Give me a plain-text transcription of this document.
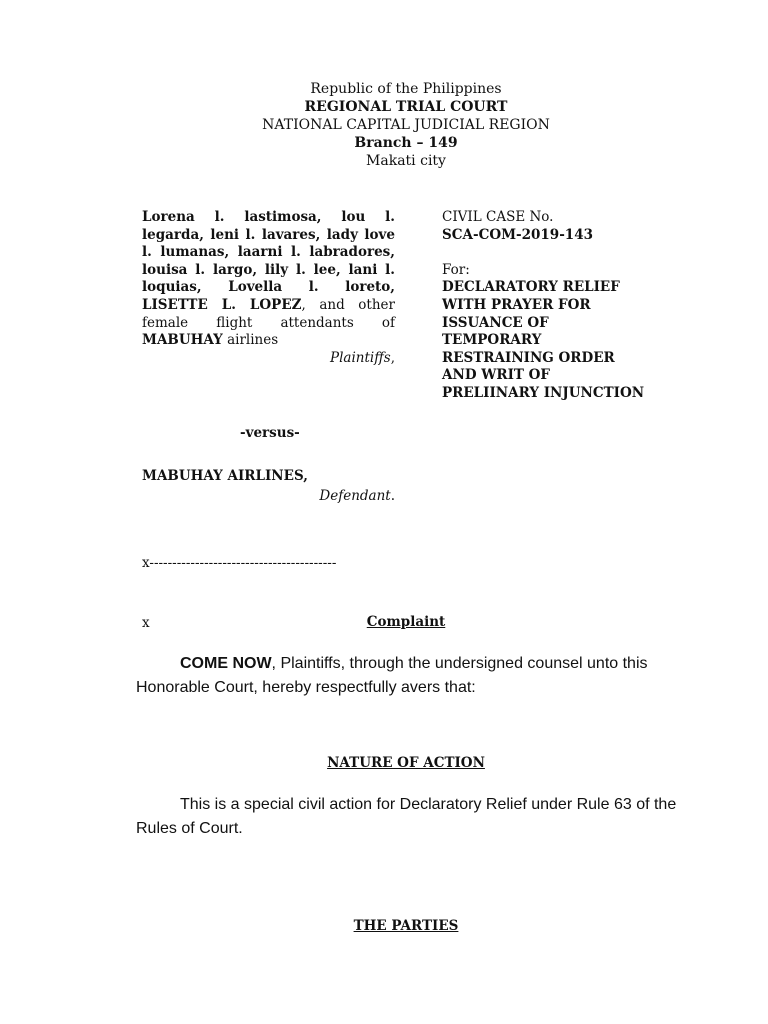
Republic of the Philippines
REGIONAL TRIAL COURT
NATIONAL CAPITAL JUDICIAL REGION
Branch – 149
Makati city
Lorena l. lastimosa, lou l.
legarda, leni l. lavares, lady love
l. lumanas, laarni l. labradores,
louisa l. largo, lily l. lee, lani l.
loquias, Lovella l. loreto,
LISETTE L. LOPEZ, and other
female flight attendants of
MABUHAY airlines
Plaintiffs,
CIVIL CASE No.
SCA-COM-2019-143
For:
DECLARATORY RELIEF
WITH PRAYER FOR
ISSUANCE OF
TEMPORARY
RESTRAINING ORDER
AND WRIT OF
PRELIINARY INJUNCTION
-versus-
MABUHAY AIRLINES,
Defendant.

x-----------------------------------------

x	Complaint
COME NOW, Plaintiffs, through the undersigned counsel unto this Honorable Court, hereby respectfully avers that:
NATURE OF ACTION
This is a special civil action for Declaratory Relief under Rule 63 of the Rules of Court.
THE PARTIES
